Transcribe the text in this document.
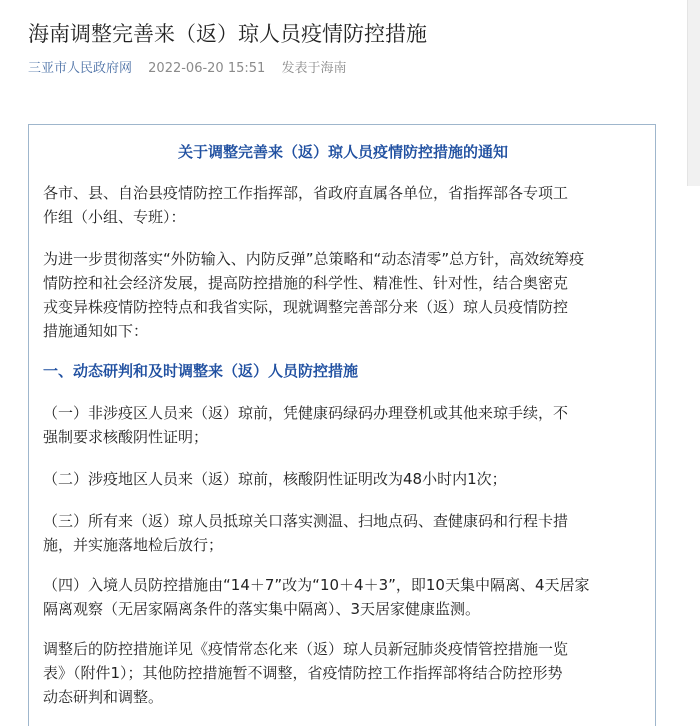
海南调整完善来（返）琼人员疫情防控措施
三亚市人民政府网 2022-06-20 15:51 发表于海南
关于调整完善来（返）琼人员疫情防控措施的通知
各市、县、自治县疫情防控工作指挥部，省政府直属各单位，省指挥部各专项工
作组（小组、专班）：
为进一步贯彻落实“外防输入、内防反弹”总策略和“动态清零”总方针，高效统筹疫
情防控和社会经济发展，提高防控措施的科学性、精准性、针对性，结合奥密克
戎变异株疫情防控特点和我省实际，现就调整完善部分来（返）琼人员疫情防控
措施通知如下：
一、动态研判和及时调整来（返）人员防控措施
（一）非涉疫区人员来（返）琼前，凭健康码绿码办理登机或其他来琼手续，不
强制要求核酸阴性证明；
（二）涉疫地区人员来（返）琼前，核酸阴性证明改为48小时内1次；
（三）所有来（返）琼人员抵琼关口落实测温、扫地点码、查健康码和行程卡措
施，并实施落地检后放行；
（四）入境人员防控措施由“14＋7”改为“10＋4＋3”，即10天集中隔离、4天居家
隔离观察（无居家隔离条件的落实集中隔离）、3天居家健康监测。
调整后的防控措施详见《疫情常态化来（返）琼人员新冠肺炎疫情管控措施一览
表》（附件1）；其他防控措施暂不调整，省疫情防控工作指挥部将结合防控形势
动态研判和调整。
